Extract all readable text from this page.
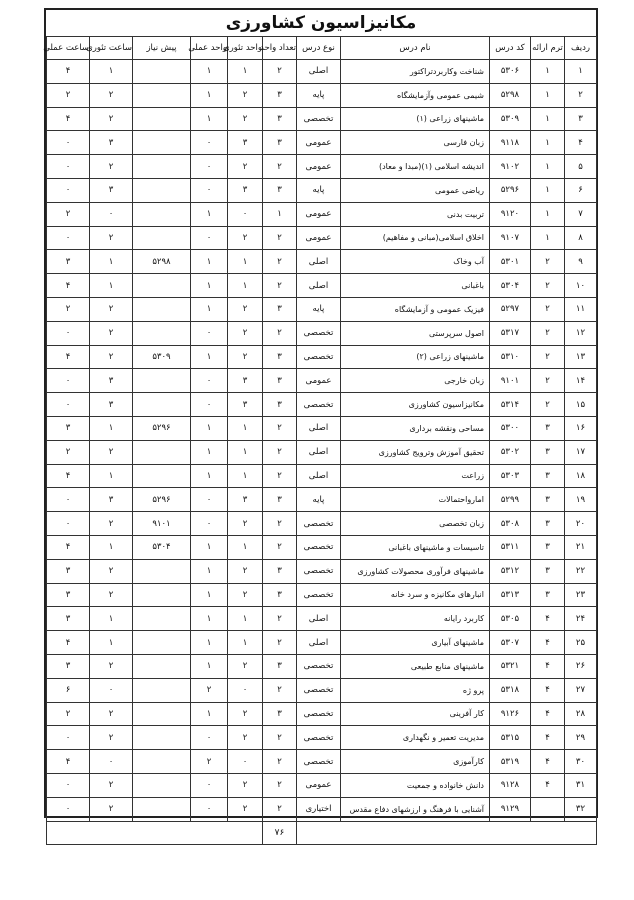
مکانیزاسیون کشاورزی
ردیف	ترم ارائه	کد درس	نام درس	نوع درس	تعداد واحد	واحد تئوری	واحد عملی	پیش نیاز	ساعت تئوری	ساعت عملی
۱	۱	۵۳۰۶	شناخت وکاربردتراکتور	اصلی	۲	۱	۱		۱	۴
۲	۱	۵۲۹۸	شیمی عمومی وآزمایشگاه	پایه	۳	۲	۱		۲	۲
۳	۱	۵۳۰۹	ماشینهای زراعی (۱)	تخصصی	۳	۲	۱		۲	۴
۴	۱	۹۱۱۸	زبان فارسی	عمومی	۳	۳	۰		۳	۰
۵	۱	۹۱۰۲	اندیشه اسلامی (۱)(مبدا و معاد)	عمومی	۲	۲	۰		۲	۰
۶	۱	۵۲۹۶	ریاضی عمومی	پایه	۳	۳	۰		۳	۰
۷	۱	۹۱۲۰	تربیت بدنی	عمومی	۱	۰	۱		۰	۲
۸	۱	۹۱۰۷	اخلاق اسلامی(مبانی و مفاهیم)	عمومی	۲	۲	۰		۲	۰
۹	۲	۵۳۰۱	آب وخاک	اصلی	۲	۱	۱	۵۲۹۸	۱	۳
۱۰	۲	۵۳۰۴	باغبانی	اصلی	۲	۱	۱		۱	۴
۱۱	۲	۵۲۹۷	فیزیک عمومی و آزمایشگاه	پایه	۳	۲	۱		۲	۲
۱۲	۲	۵۳۱۷	اصول سرپرستی	تخصصی	۲	۲	۰		۲	۰
۱۳	۲	۵۳۱۰	ماشینهای زراعی (۲)	تخصصی	۳	۲	۱	۵۳۰۹	۲	۴
۱۴	۲	۹۱۰۱	زبان خارجی	عمومی	۳	۳	۰		۳	۰
۱۵	۲	۵۳۱۴	مکانیزاسیون کشاورزی	تخصصی	۳	۳	۰		۳	۰
۱۶	۳	۵۳۰۰	مساحی ونقشه برداری	اصلی	۲	۱	۱	۵۲۹۶	۱	۳
۱۷	۳	۵۳۰۲	تحقیق آموزش وترویج کشاورزی	اصلی	۲	۱	۱		۲	۲
۱۸	۳	۵۳۰۳	زراعت	اصلی	۲	۱	۱		۱	۴
۱۹	۳	۵۲۹۹	امارواحتمالات	پایه	۳	۳	۰	۵۲۹۶	۳	۰
۲۰	۳	۵۳۰۸	زبان تخصصی	تخصصی	۲	۲	۰	۹۱۰۱	۲	۰
۲۱	۳	۵۳۱۱	تاسیسات و ماشینهای باغبانی	تخصصی	۲	۱	۱	۵۳۰۴	۱	۴
۲۲	۳	۵۳۱۲	ماشینهای فرآوری محصولات کشاورزی	تخصصی	۳	۲	۱		۲	۳
۲۳	۳	۵۳۱۳	انبارهای مکانیزه و سرد خانه	تخصصی	۳	۲	۱		۲	۳
۲۴	۴	۵۳۰۵	کاربرد رایانه	اصلی	۲	۱	۱		۱	۳
۲۵	۴	۵۳۰۷	ماشینهای آبیاری	اصلی	۲	۱	۱		۱	۴
۲۶	۴	۵۳۲۱	ماشینهای منابع طبیعی	تخصصی	۳	۲	۱		۲	۳
۲۷	۴	۵۳۱۸	پرو ژه	تخصصی	۲	۰	۲		۰	۶
۲۸	۴	۹۱۲۶	کار آفرینی	تخصصی	۳	۲	۱		۲	۲
۲۹	۴	۵۳۱۵	مدیریت تعمیر و نگهداری	تخصصی	۲	۲	۰		۲	۰
۳۰	۴	۵۳۱۹	کارآموزی	تخصصی	۲	۰	۲		۰	۴
۳۱	۴	۹۱۲۸	دانش خانواده و جمعیت	عمومی	۲	۲	۰		۲	۰
۳۲		۹۱۲۹	آشنایی با فرهنگ و ارزشهای دفاع مقدس	اختیاری	۲	۲	۰		۲	۰
					۷۶					
